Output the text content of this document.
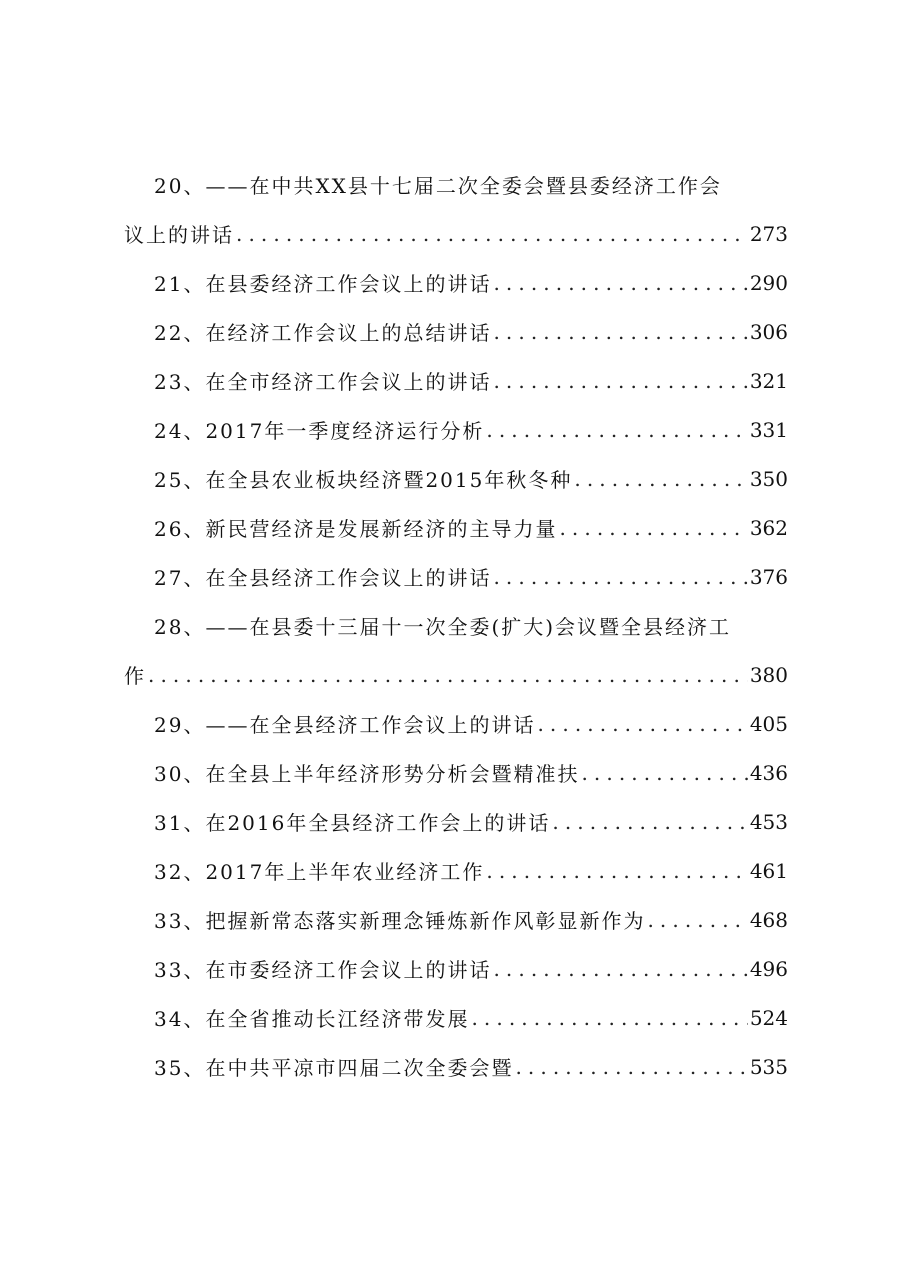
20、——在中共XX县十七届二次全委会暨县委经济工作会
议上的讲话 .....	273
21、在县委经济工作会议上的讲话 .....	290
22、在经济工作会议上的总结讲话 .....	306
23、在全市经济工作会议上的讲话 .....	321
24、2017年一季度经济运行分析 .....	331
25、在全县农业板块经济暨2015年秋冬种 .....	350
26、新民营经济是发展新经济的主导力量 .....	362
27、在全县经济工作会议上的讲话 .....	376
28、——在县委十三届十一次全委(扩大)会议暨全县经济工
作 .....	380
29、——在全县经济工作会议上的讲话 .....	405
30、在全县上半年经济形势分析会暨精准扶 .....	436
31、在2016年全县经济工作会上的讲话 .....	453
32、2017年上半年农业经济工作 .....	461
33、把握新常态落实新理念锤炼新作风彰显新作为 .....	468
33、在市委经济工作会议上的讲话 .....	496
34、在全省推动长江经济带发展 .....	524
35、在中共平凉市四届二次全委会暨 .....	535
